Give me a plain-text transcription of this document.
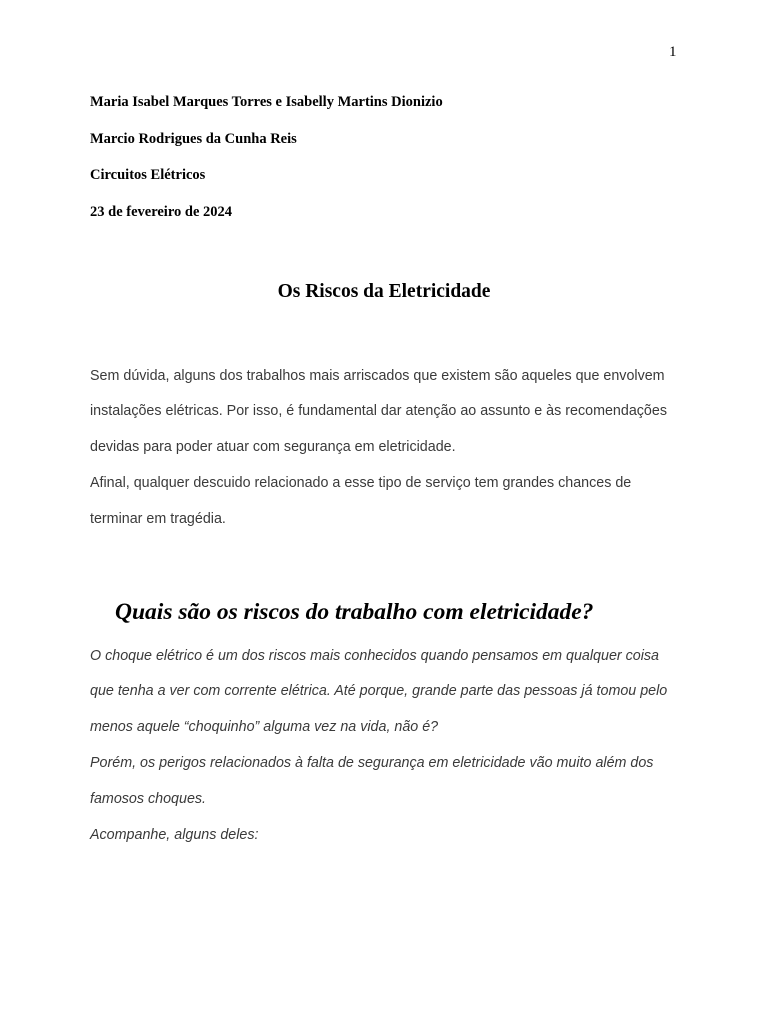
1
Maria Isabel Marques Torres e Isabelly Martins Dionizio
Marcio Rodrigues da Cunha Reis
Circuitos Elétricos
23 de fevereiro de 2024
Os Riscos da Eletricidade
Sem dúvida, alguns dos trabalhos mais arriscados que existem são aqueles que envolvem
instalações elétricas. Por isso, é fundamental dar atenção ao assunto e às recomendações
devidas para poder atuar com segurança em eletricidade.
Afinal, qualquer descuido relacionado a esse tipo de serviço tem grandes chances de
terminar em tragédia.
Quais são os riscos do trabalho com eletricidade?
O choque elétrico é um dos riscos mais conhecidos quando pensamos em qualquer coisa
que tenha a ver com corrente elétrica. Até porque, grande parte das pessoas já tomou pelo
menos aquele “choquinho” alguma vez na vida, não é?
Porém, os perigos relacionados à falta de segurança em eletricidade vão muito além dos
famosos choques.
Acompanhe, alguns deles:
